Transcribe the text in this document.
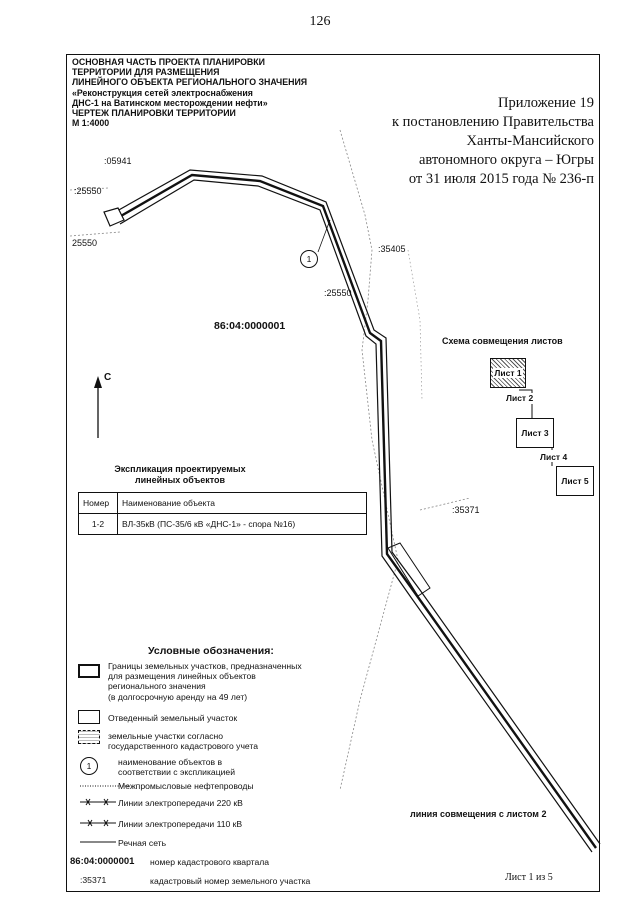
126
ОСНОВНАЯ ЧАСТЬ ПРОЕКТА ПЛАНИРОВКИ
ТЕРРИТОРИИ ДЛЯ РАЗМЕЩЕНИЯ
ЛИНЕЙНОГО ОБЪЕКТА РЕГИОНАЛЬНОГО ЗНАЧЕНИЯ
«Реконструкция сетей электроснабжения
ДНС-1 на Ватинском месторождении нефти»
ЧЕРТЕЖ ПЛАНИРОВКИ ТЕРРИТОРИИ
М 1:4000
Приложение 19
к постановлению Правительства
Ханты-Мансийского
автономного округа – Югры
от 31 июля 2015 года № 236-п
:05941
:25550
25550
:35405
:25550
86:04:0000001
:35371
1
С
Схема совмещения листов
Лист 1
Лист 2
Лист 3
Лист 4
Лист 5
Экспликация проектируемых
линейных объектов
Номер	Наименование объекта
1-2	ВЛ-35кВ (ПС-35/6 кВ «ДНС-1» - спора №16)
Условные обозначения:
Границы земельных участков, предназначенных
для размещения линейных объектов
регионального значения
(в долгосрочную аренду на 49 лет)
Отведенный земельный участок
земельные участки согласно
государственного кадастрового учета
1	наименование объектов в
соответствии с экспликацией
Межпромысловые нефтепроводы
Линии электропередачи 220 кВ
Линии электропередачи 110 кВ
Речная сеть
86:04:0000001 номер кадастрового квартала
:35371	кадастровый номер земельного участка
линия совмещения с листом 2
Лист 1 из 5
